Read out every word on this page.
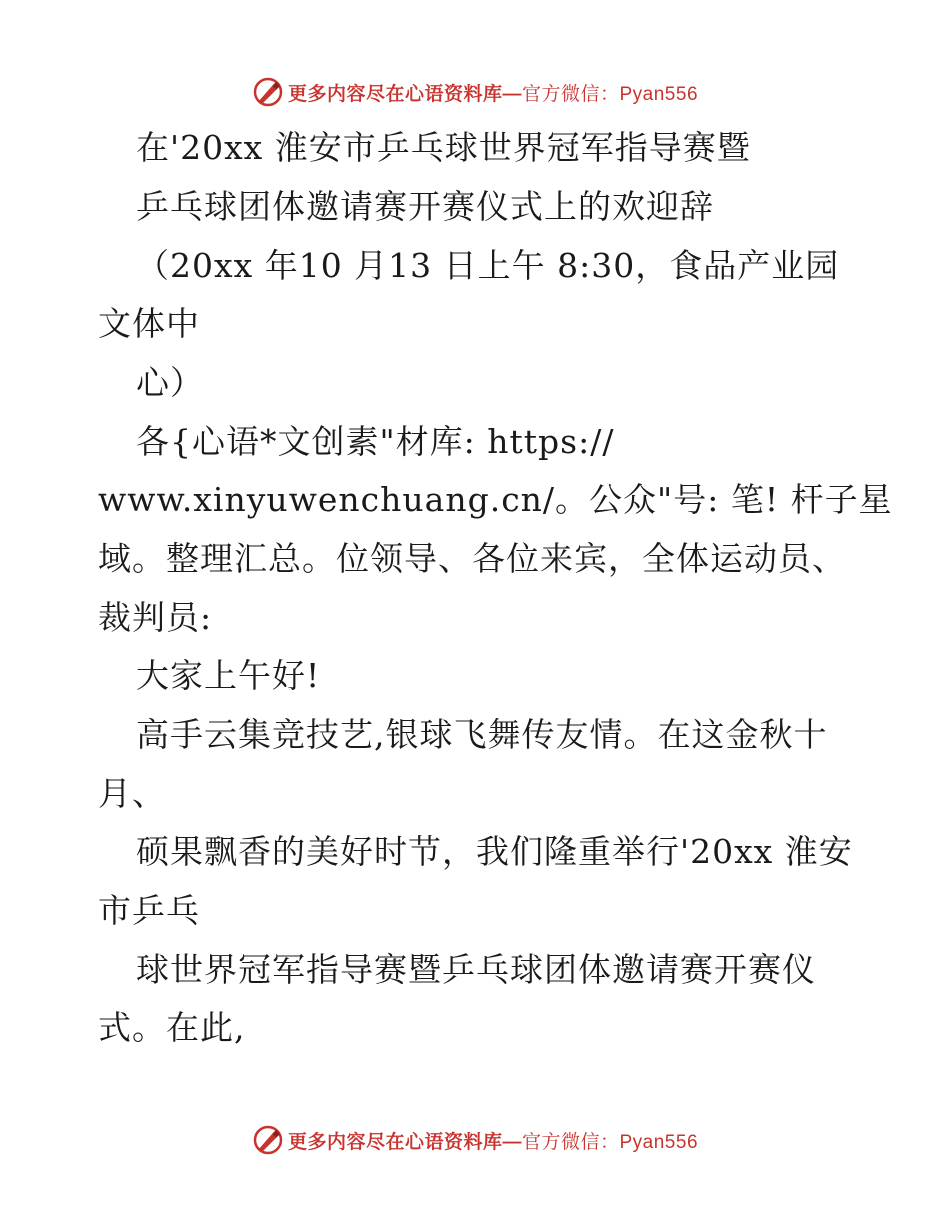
更多内容尽在心语资料库—官方微信：Pyan556
在'20xx 淮安市乒乓球世界冠军指导赛暨
乒乓球团体邀请赛开赛仪式上的欢迎辞
（20xx 年10 月13 日上午 8:30，食品产业园
文体中
心）
各{心语*文创素"材库: https://
www.xinyuwenchuang.cn/。公众"号: 笔! 杆子星
域。整理汇总。位领导、各位来宾，全体运动员、
裁判员:
大家上午好!
高手云集竞技艺,银球飞舞传友情。在这金秋十
月、
硕果飘香的美好时节，我们隆重举行'20xx 淮安
市乒乓
球世界冠军指导赛暨乒乓球团体邀请赛开赛仪
式。在此,
更多内容尽在心语资料库—官方微信：Pyan556
